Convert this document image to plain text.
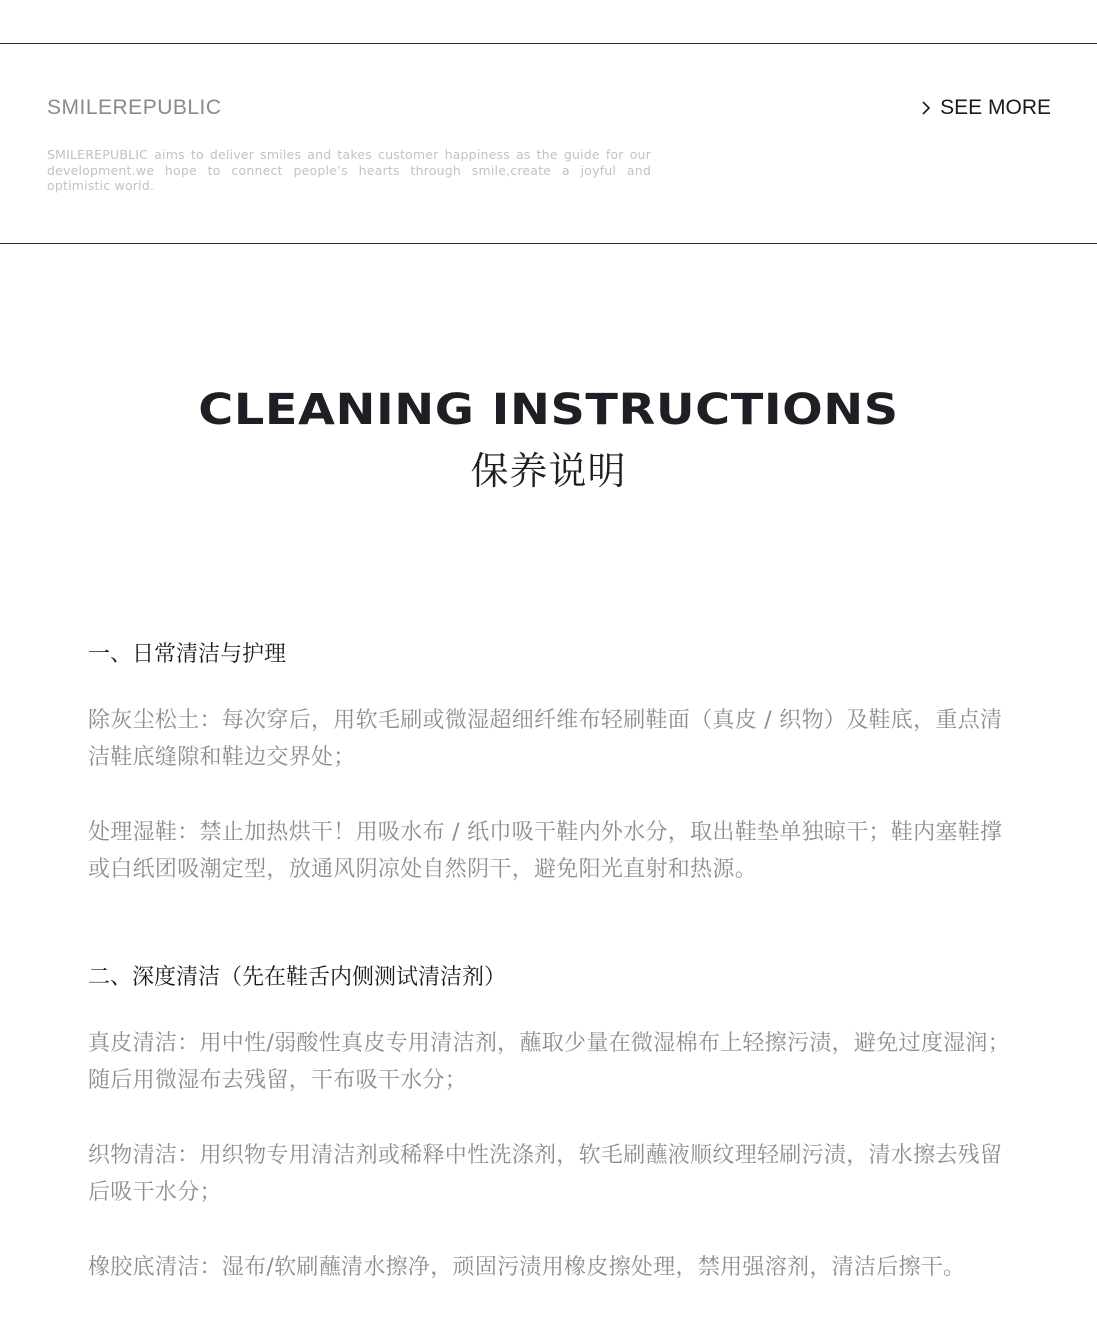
SMILEREPUBLIC	SEE MORE
SMILEREPUBLIC aims to deliver smiles and takes customer happiness as the guide for our development.we hope to connect people’s hearts through smile,create a joyful and optimistic world.
CLEANING INSTRUCTIONS
保养说明
一、日常清洁与护理

除灰尘松土：每次穿后，用软毛刷或微湿超细纤维布轻刷鞋面（真皮 / 织物）及鞋底，重点清洁鞋底缝隙和鞋边交界处；

处理湿鞋：禁止加热烘干！用吸水布 / 纸巾吸干鞋内外水分，取出鞋垫单独晾干；鞋内塞鞋撑或白纸团吸潮定型，放通风阴凉处自然阴干，避免阳光直射和热源。

二、深度清洁（先在鞋舌内侧测试清洁剂）

真皮清洁：用中性/弱酸性真皮专用清洁剂，蘸取少量在微湿棉布上轻擦污渍，避免过度湿润；随后用微湿布去残留，干布吸干水分；

织物清洁：用织物专用清洁剂或稀释中性洗涤剂，软毛刷蘸液顺纹理轻刷污渍，清水擦去残留后吸干水分；

橡胶底清洁：湿布/软刷蘸清水擦净，顽固污渍用橡皮擦处理，禁用强溶剂，清洁后擦干。
